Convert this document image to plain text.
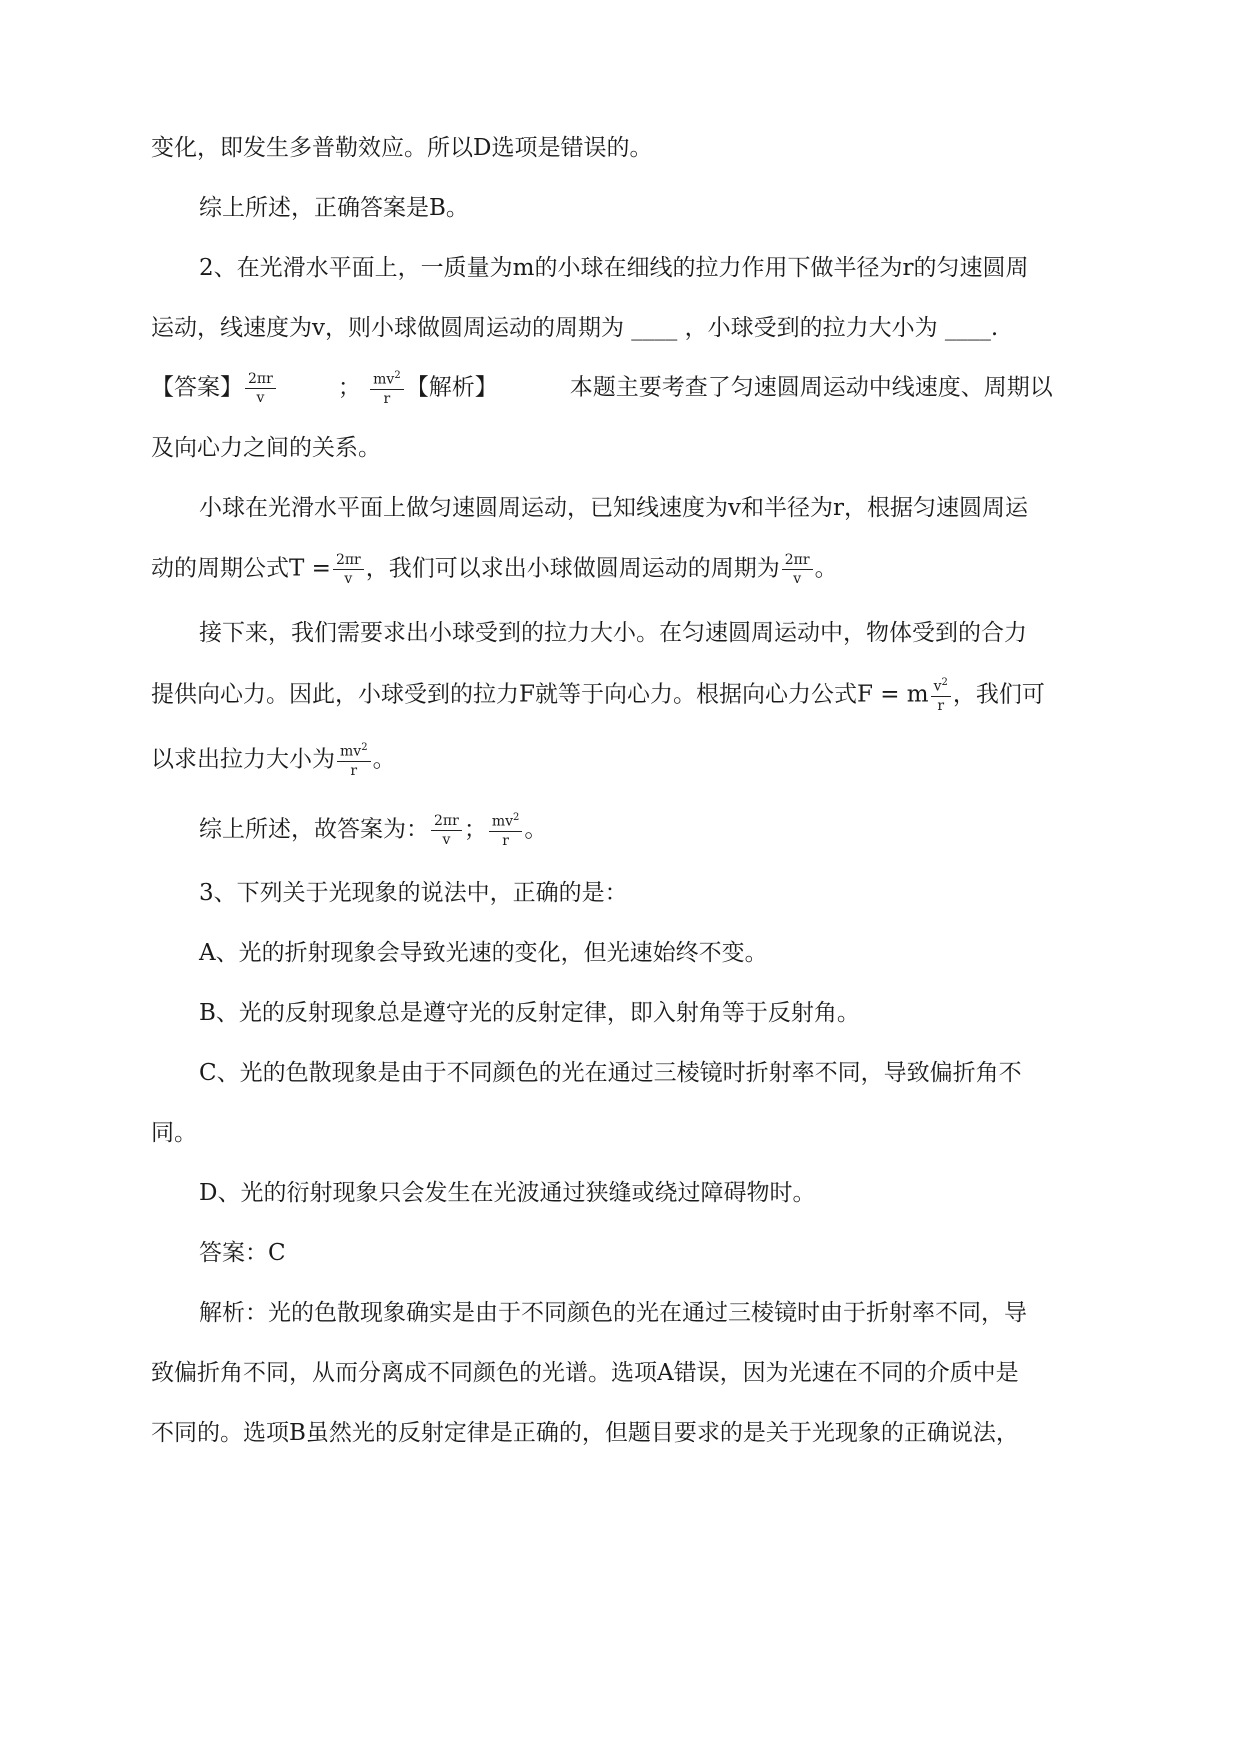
变化，即发生多普勒效应。所以D选项是错误的。
综上所述，正确答案是B。
2、在光滑水平面上，一质量为m的小球在细线的拉力作用下做半径为r的匀速圆周
运动，线速度为v，则小球做圆周运动的周期为 ____ ，小球受到的拉力大小为 ____.
【答案】 $\frac{2\pi r}{v}$	； $\frac{mv^2}{r}$ 【解析】	本题主要考查了匀速圆周运动中线速度、周期以
及向心力之间的关系。
小球在光滑水平面上做匀速圆周运动，已知线速度为v和半径为r，根据匀速圆周运
动的周期公式$T = \frac{2\pi r}{v}$ ，我们可以求出小球做圆周运动的周期为 $\frac{2\pi r}{v}$ 。
接下来，我们需要求出小球受到的拉力大小。在匀速圆周运动中，物体受到的合力
提供向心力。因此，小球受到的拉力F就等于向心力。根据向心力公式F = m $\frac{v^2}{r}$ ，我们可
以求出拉力大小为 $\frac{mv^2}{r}$ 。
综上所述，故答案为： $\frac{2\pi r}{v}$ ； $\frac{mv^2}{r}$ 。
3、下列关于光现象的说法中，正确的是：
A、光的折射现象会导致光速的变化，但光速始终不变。
B、光的反射现象总是遵守光的反射定律，即入射角等于反射角。
C、光的色散现象是由于不同颜色的光在通过三棱镜时折射率不同，导致偏折角不
同。
D、光的衍射现象只会发生在光波通过狭缝或绕过障碍物时。
答案：C
解析：光的色散现象确实是由于不同颜色的光在通过三棱镜时由于折射率不同，导
致偏折角不同，从而分离成不同颜色的光谱。选项A错误，因为光速在不同的介质中是
不同的。选项B虽然光的反射定律是正确的，但题目要求的是关于光现象的正确说法，
